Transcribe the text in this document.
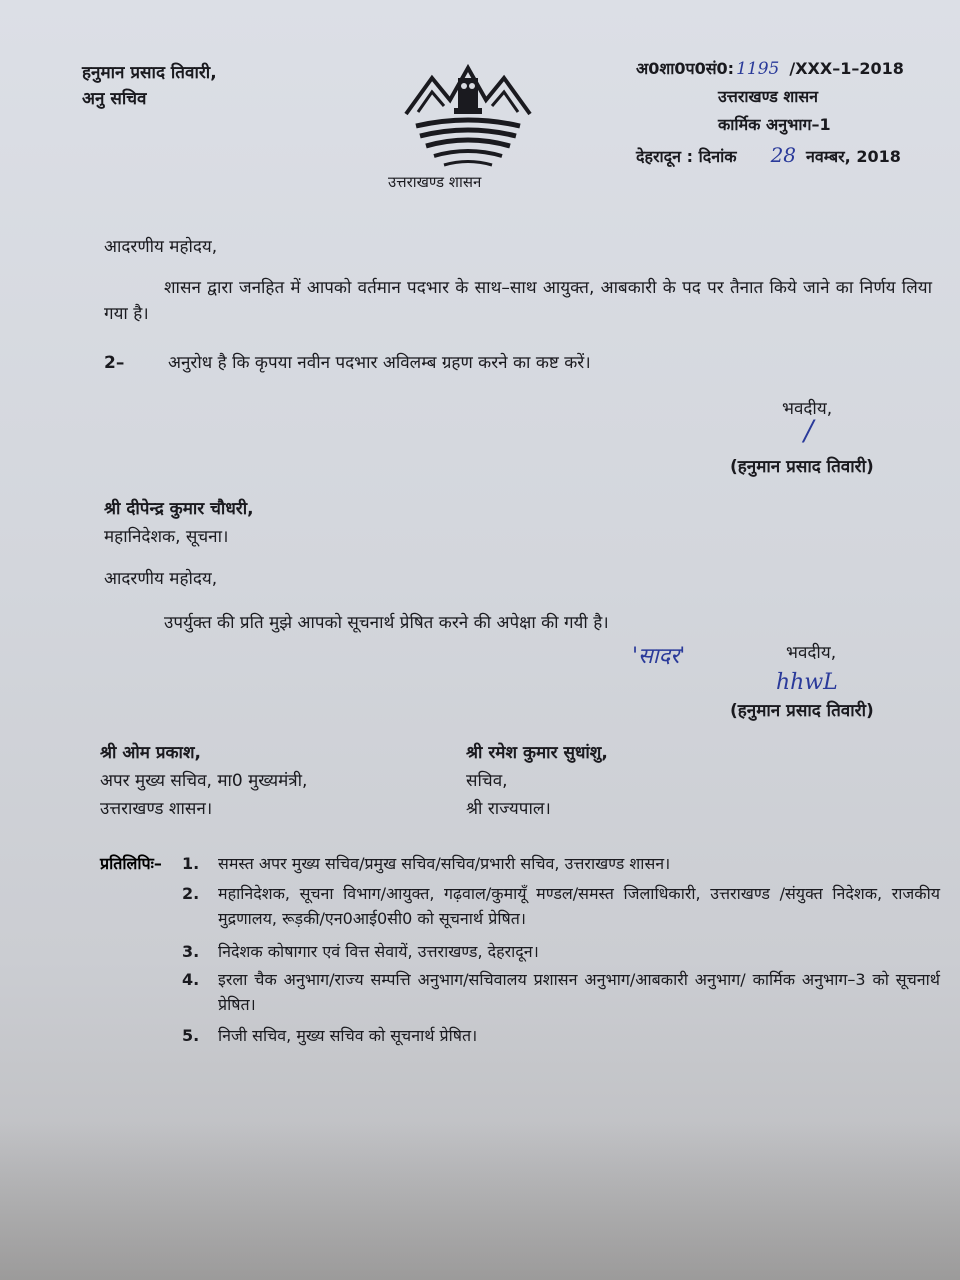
हनुमान प्रसाद तिवारी,
अनु सचिव
उत्तराखण्ड शासन
अ0शा0प0सं0: 1195 /XXX–1–2018
उत्तराखण्ड शासन
कार्मिक अनुभाग–1
देहरादून : दिनांक 28 नवम्बर, 2018
आदरणीय महोदय,
शासन द्वारा जनहित में आपको वर्तमान पदभार के साथ–साथ आयुक्त, आबकारी के पद पर तैनात किये जाने का निर्णय लिया गया है।
2–	अनुरोध है कि कृपया नवीन पदभार अविलम्ब ग्रहण करने का कष्ट करें।
भवदीय,
/
(हनुमान प्रसाद तिवारी)
श्री दीपेन्द्र कुमार चौधरी,
महानिदेशक, सूचना।
आदरणीय महोदय,
उपर्युक्त की प्रति मुझे आपको सूचनार्थ प्रेषित करने की अपेक्षा की गयी है।
'सादर'	भवदीय,
hhwL
(हनुमान प्रसाद तिवारी)
श्री ओम प्रकाश,
अपर मुख्य सचिव, मा0 मुख्यमंत्री,
उत्तराखण्ड शासन।
श्री रमेश कुमार सुधांशु,
सचिव,
श्री राज्यपाल।
प्रतिलिपिः– 1. समस्त अपर मुख्य सचिव/प्रमुख सचिव/सचिव/प्रभारी सचिव, उत्तराखण्ड शासन।
2. महानिदेशक, सूचना विभाग/आयुक्त, गढ़वाल/कुमायूँ मण्डल/समस्त जिलाधिकारी, उत्तराखण्ड /संयुक्त निदेशक, राजकीय मुद्रणालय, रूड़की/एन0आई0सी0 को सूचनार्थ प्रेषित।
3. निदेशक कोषागार एवं वित्त सेवायें, उत्तराखण्ड, देहरादून।
4. इरला चैक अनुभाग/राज्य सम्पत्ति अनुभाग/सचिवालय प्रशासन अनुभाग/आबकारी अनुभाग/ कार्मिक अनुभाग–3 को सूचनार्थ प्रेषित।
5. निजी सचिव, मुख्य सचिव को सूचनार्थ प्रेषित।
